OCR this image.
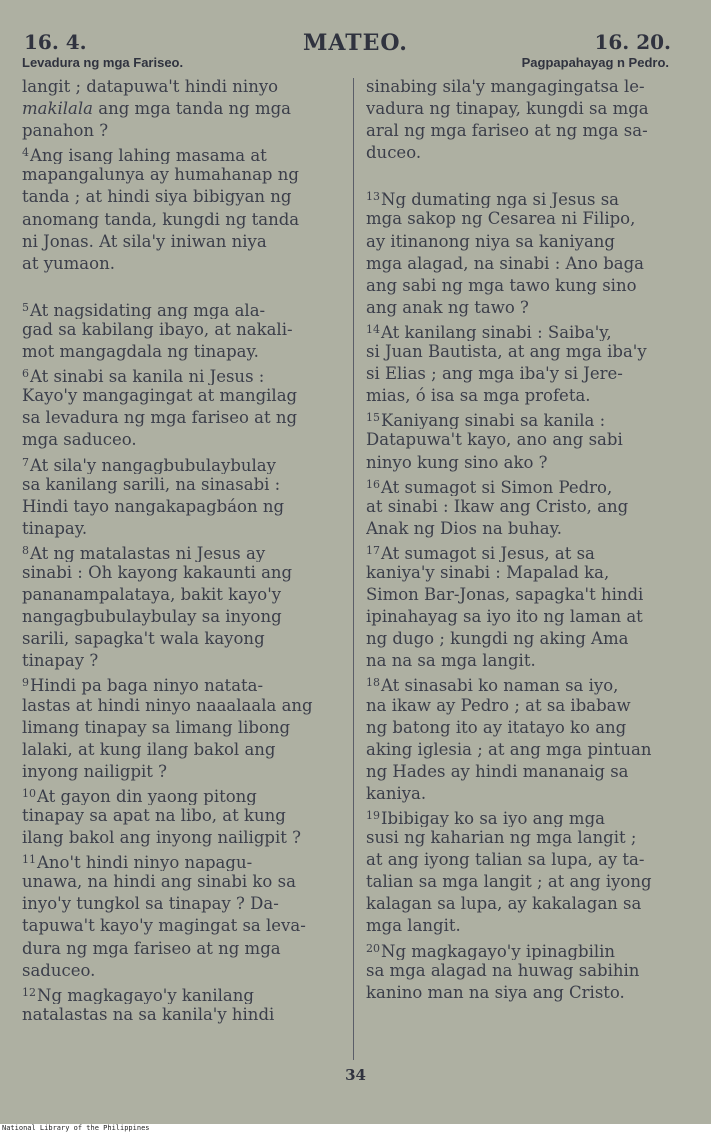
16. 4.	MATEO.	16. 20.
Levadura ng mga Fariseo.	Pagpapahayag n Pedro.
langit ; datapuwa't hindi ninyo
makilala ang mga tanda ng mga
panahon ?
$^4$Ang isang lahing masama at
mapangalunya ay humahanap ng
tanda ; at hindi siya bibigyan ng
anomang tanda, kungdi ng tanda
ni Jonas. At sila'y iniwan niya
at yumaon.
$^5$At nagsidating ang mga ala-
gad sa kabilang ibayo, at nakali-
mot mangagdala ng tinapay.
$^6$At sinabi sa kanila ni Jesus :
Kayo'y mangagingat at mangilag
sa levadura ng mga fariseo at ng
mga saduceo.
$^7$At sila'y nangagbubulaybulay
sa kanilang sarili, na sinasabi :
Hindi tayo nangakapagbáon ng
tinapay.
$^8$At ng matalastas ni Jesus ay
sinabi : Oh kayong kakaunti ang
pananampalataya, bakit kayo'y
nangagbubulaybulay sa inyong
sarili, sapagka't wala kayong
tinapay ?
$^9$Hindi pa baga ninyo natata-
lastas at hindi ninyo naaalaala ang
limang tinapay sa limang libong
lalaki, at kung ilang bakol ang
inyong nailigpit ?
$^{10}$At gayon din yaong pitong
tinapay sa apat na libo, at kung
ilang bakol ang inyong nailigpit ?
$^{11}$Ano't hindi ninyo napagu-
unawa, na hindi ang sinabi ko sa
inyo'y tungkol sa tinapay ? Da-
tapuwa't kayo'y magingat sa leva-
dura ng mga fariseo at ng mga
saduceo.
$^{12}$Ng magkagayo'y kanilang
natalastas na sa kanila'y hindi
sinabing sila'y mangagingatsa le-
vadura ng tinapay, kungdi sa mga
aral ng mga fariseo at ng mga sa-
duceo.
$^{13}$Ng dumating nga si Jesus sa
mga sakop ng Cesarea ni Filipo,
ay itinanong niya sa kaniyang
mga alagad, na sinabi : Ano baga
ang sabi ng mga tawo kung sino
ang anak ng tawo ?
$^{14}$At kanilang sinabi : Saiba'y,
si Juan Bautista, at ang mga iba'y
si Elias ; ang mga iba'y si Jere-
mias, ó isa sa mga profeta.
$^{15}$Kaniyang sinabi sa kanila :
Datapuwa't kayo, ano ang sabi
ninyo kung sino ako ?
$^{16}$At sumagot si Simon Pedro,
at sinabi : Ikaw ang Cristo, ang
Anak ng Dios na buhay.
$^{17}$At sumagot si Jesus, at sa
kaniya'y sinabi : Mapalad ka,
Simon Bar-Jonas, sapagka't hindi
ipinahayag sa iyo ito ng laman at
ng dugo ; kungdi ng aking Ama
na na sa mga langit.
$^{18}$At sinasabi ko naman sa iyo,
na ikaw ay Pedro ; at sa ibabaw
ng batong ito ay itatayo ko ang
aking iglesia ; at ang mga pintuan
ng Hades ay hindi mananaig sa
kaniya.
$^{19}$Ibibigay ko sa iyo ang mga
susi ng kaharian ng mga langit ;
at ang iyong talian sa lupa, ay ta-
talian sa mga langit ; at ang iyong
kalagan sa lupa, ay kakalagan sa
mga langit.
$^{20}$Ng magkagayo'y ipinagbilin
sa mga alagad na huwag sabihin
kanino man na siya ang Cristo.
34
National Library of the Philippines
